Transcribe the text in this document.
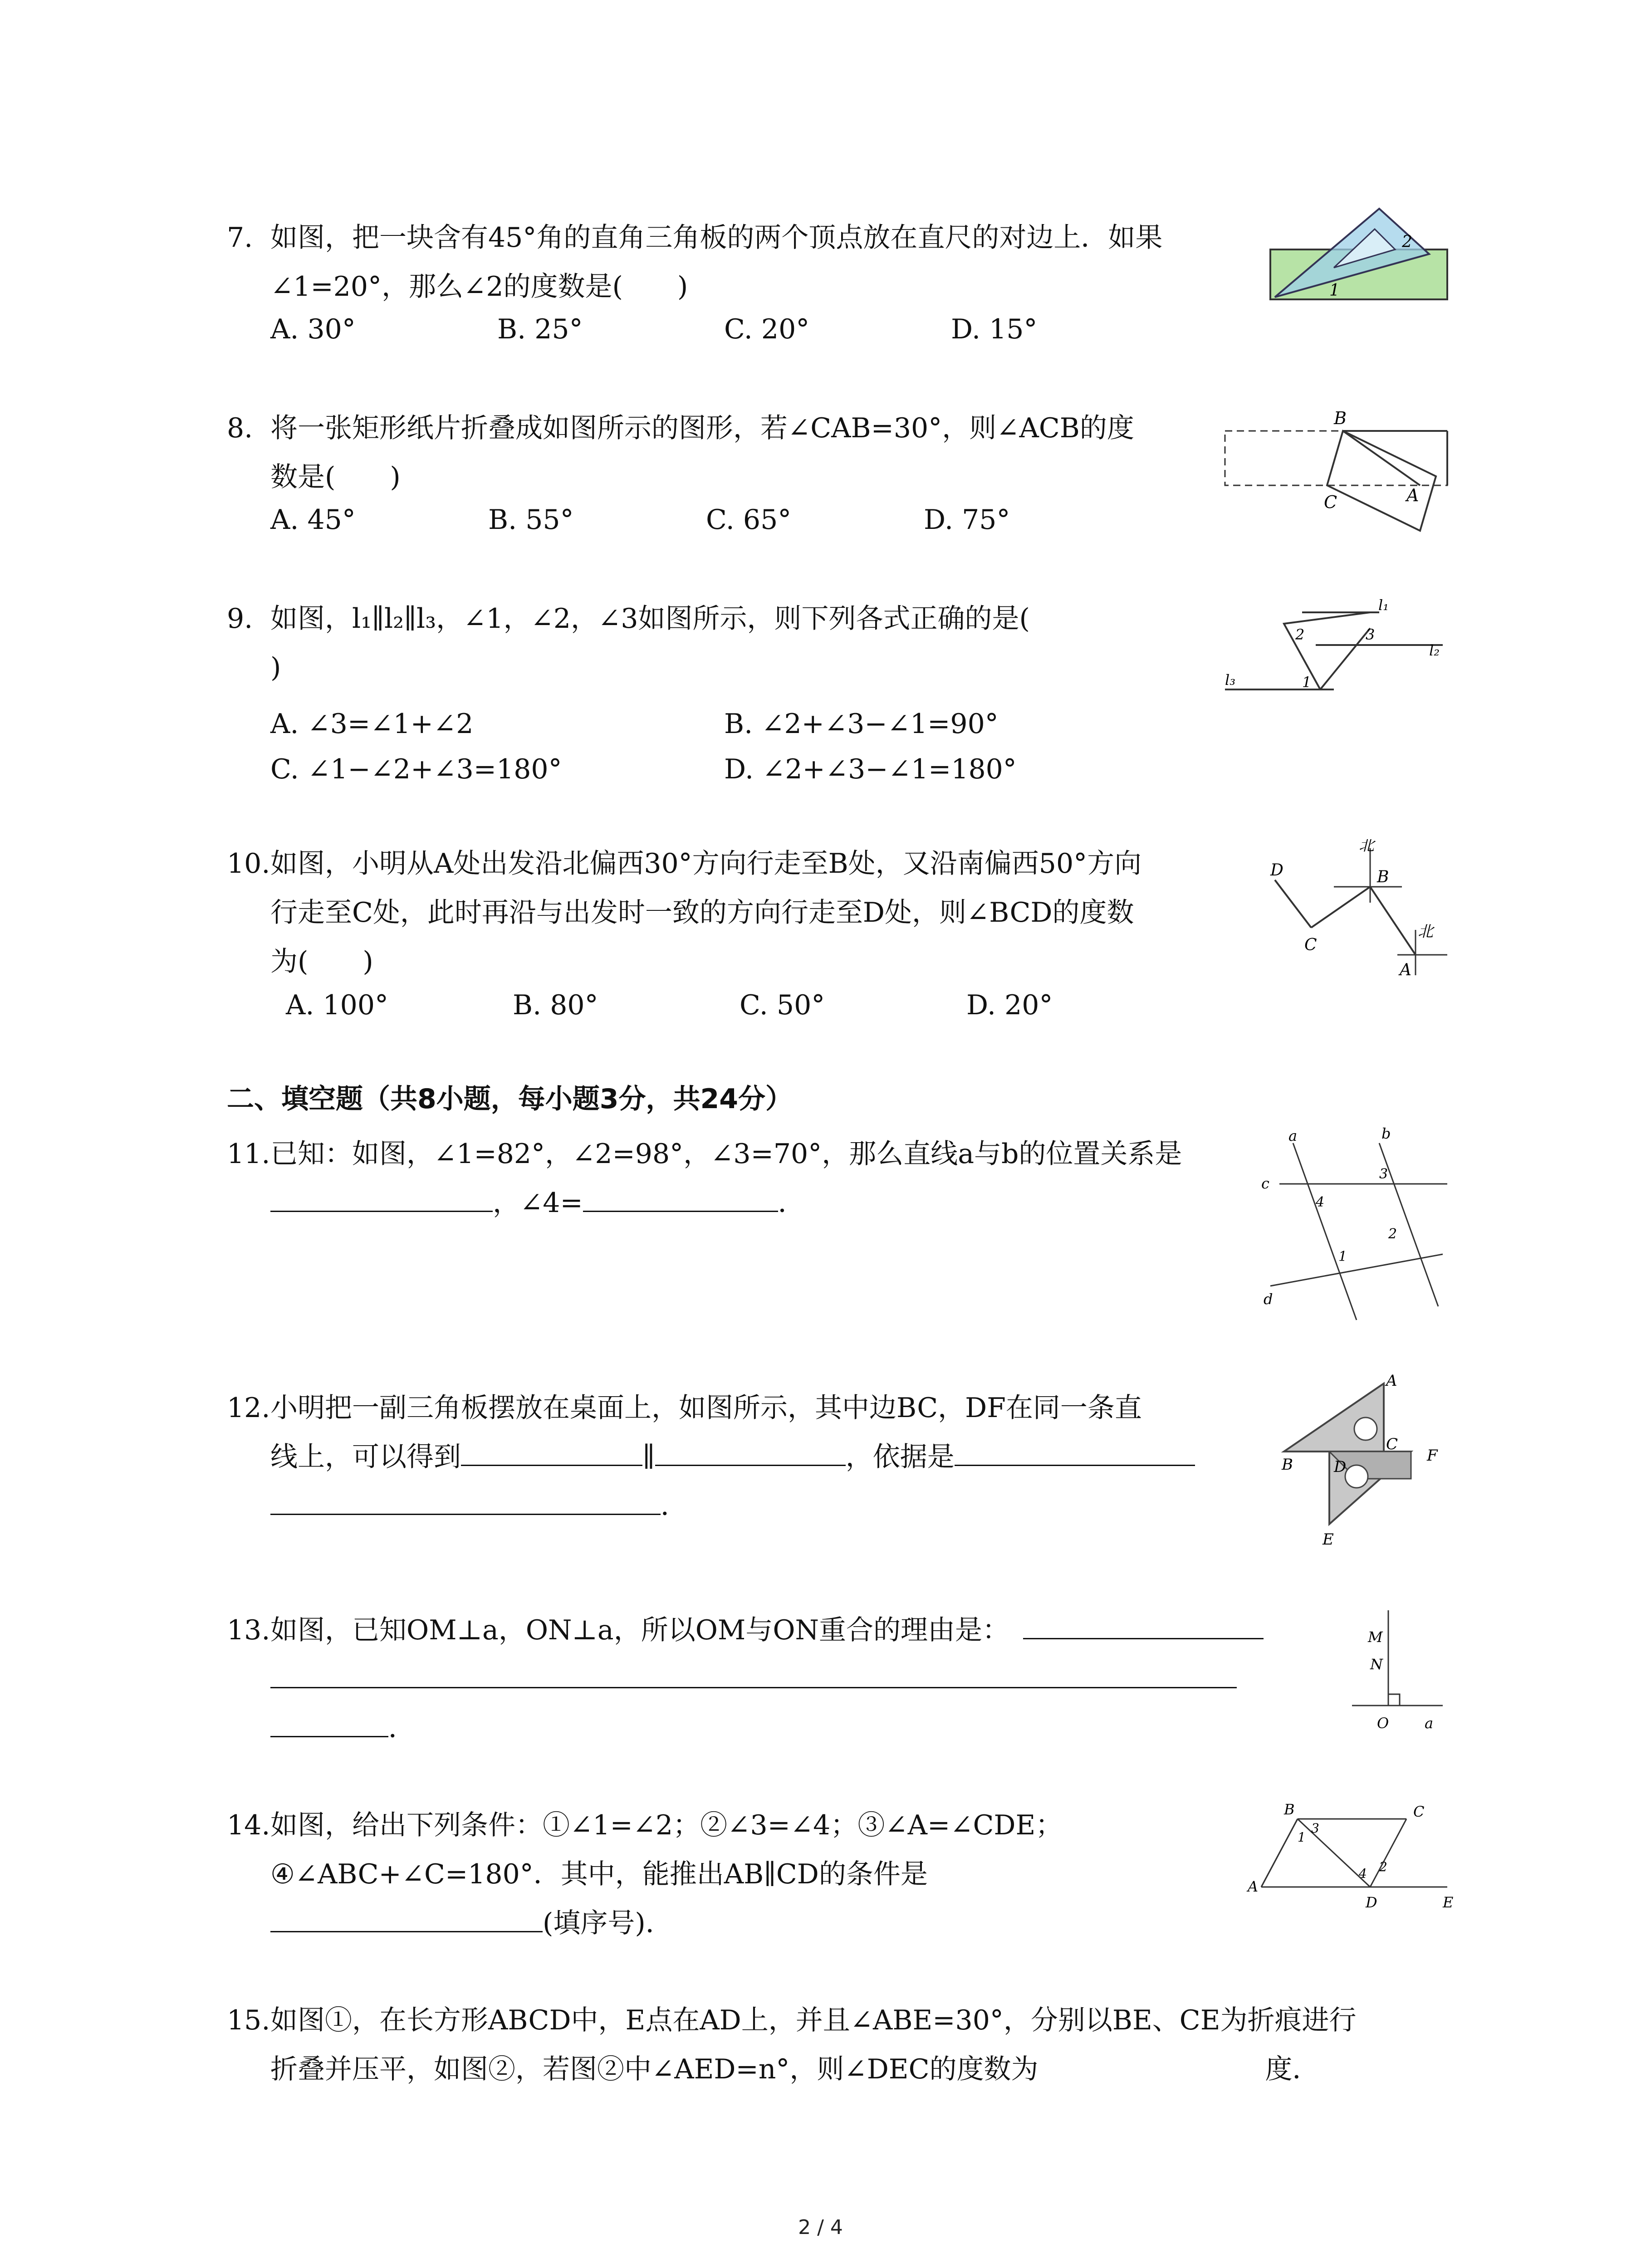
7. 如图，把一块含有45°角的直角三角板的两个顶点放在直尺的对边上．如果
∠1=20°，那么∠2的度数是(　　)
A. 30°	B. 25°	C. 20°	D. 15°
2
1
8. 将一张矩形纸片折叠成如图所示的图形，若∠CAB=30°，则∠ACB的度
数是(　　)
A. 45°	B. 55°	C. 65°	D. 75°
B
C	A
9. 如图，l₁∥l₂∥l₃，∠1，∠2，∠3如图所示，则下列各式正确的是(
)
A. ∠3=∠1+∠2	B. ∠2+∠3−∠1=90°
C. ∠1−∠2+∠3=180°	D. ∠2+∠3−∠1=180°
l₁
l₂
l₃	1
2	3
10.如图，小明从A处出发沿北偏西30°方向行走至B处，又沿南偏西50°方向
行走至C处，此时再沿与出发时一致的方向行走至D处，则∠BCD的度数
为(　　)
A. 100°	B. 80°	C. 50°	D. 20°
北
北
D
C
B
A
二、填空题（共8小题，每小题3分，共24分）
11.已知：如图，∠1=82°，∠2=98°，∠3=70°，那么直线a与b的位置关系是
，∠4=	．
a	b
c
d
1
2
3
4
12.小明把一副三角板摆放在桌面上，如图所示，其中边BC，DF在同一条直
线上，可以得到	∥	，依据是
．
A
B
C
D
F
E
13.如图，已知OM⊥a，ON⊥a，所以OM与ON重合的理由是：
．
M
N
O a
14.如图，给出下列条件：①∠1=∠2；②∠3=∠4；③∠A=∠CDE；
④∠ABC+∠C=180°．其中，能推出AB∥CD的条件是
(填序号)．
B	C
A
D	E
1
2
3
4
15.如图①，在长方形ABCD中，E点在AD上，并且∠ABE=30°，分别以BE、CE为折痕进行
折叠并压平，如图②，若图②中∠AED=n°，则∠DEC的度数为	度．
2 / 4
